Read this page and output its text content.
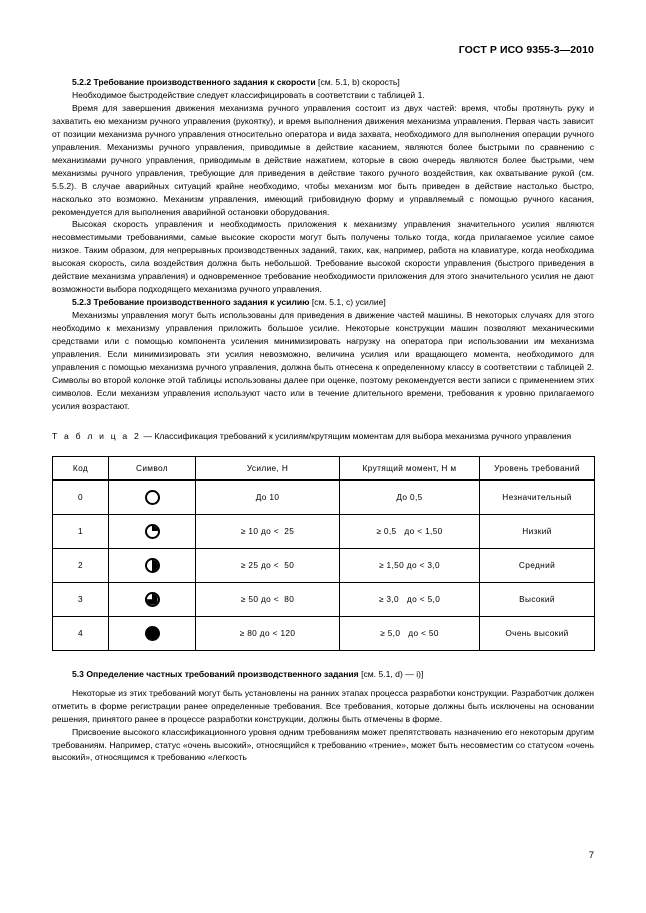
ГОСТ Р ИСО 9355-3—2010

5.2.2 Требование производственного задания к скорости [см. 5.1, b) скорость]

Необходимое быстродействие следует классифицировать в соответствии с таблицей 1.

Время для завершения движения механизма ручного управления состоит из двух частей: время, чтобы протянуть руку и захватить ею механизм ручного управления (рукоятку), и время выполнения движения механизма управления. Первая часть зависит от позиции механизма ручного управления относительно оператора и вида захвата, необходимого для выполнения операции ручного управления. Механизмы ручного управления, приводимые в действие касанием, являются более быстрыми по сравнению с механизмами ручного управления, приводимым в действие нажатием, которые в свою очередь являются более быстрыми, чем механизмы ручного управления, требующие для приведения в действие такого ручного воздействия, как охватывание рукой (см. 5.5.2). В случае аварийных ситуаций крайне необходимо, чтобы механизм мог быть приведен в действие настолько быстро, насколько это возможно. Механизм управления, имеющий грибовидную форму и управляемый с помощью ручного касания, рекомендуется для выполнения аварийной остановки оборудования.

Высокая скорость управления и необходимость приложения к механизму управления значительного усилия являются несовместимыми требованиями, самые высокие скорости могут быть получены только тогда, когда прилагаемое усилие самое низкое. Таким образом, для непрерывных производственных заданий, таких, как, например, работа на клавиатуре, когда необходима высокая скорость, сила воздействия должна быть небольшой. Требование высокой скорости управления (быстрого приведения в действие механизма управления) и одновременное требование необходимости приложения для этого значительного усилия не дают возможности выбора подходящего механизма ручного управления.

5.2.3 Требование производственного задания к усилию [см. 5.1, c) усилие]

Механизмы управления могут быть использованы для приведения в движение частей машины. В некоторых случаях для этого необходимо к механизму управления приложить большое усилие. Некоторые конструкции машин позволяют механическими средствами или с помощью компонента усиления минимизировать нагрузку на оператора при использовании им механизма управления. Если минимизировать эти усилия невозможно, величина усилия или вращающего момента, необходимого для управления с помощью механизма ручного управления, должна быть отнесена к определенному классу в соответствии с таблицей 2. Символы во второй колонке этой таблицы использованы далее при оценке, поэтому рекомендуется вести записи с применением этих символов. Если механизм управления используют часто или в течение длительного времени, требования к уровню прилагаемого усилия возрастают.

Т а б л и ц а 2 — Классификация требований к усилиям/крутящим моментам для выбора механизма ручного управления

Код	Символ	Усилие, Н	Крутящий момент, Н м	Уровень требований
0		До 10	До 0,5	Незначительный
1		≥ 10 до <  25	≥ 0,5   до < 1,50	Низкий
2		≥ 25 до <  50	≥ 1,50 до < 3,0	Средний
3		≥ 50 до <  80	≥ 3,0   до < 5,0	Высокий
4		≥ 80 до < 120	≥ 5,0   до < 50	Очень высокий

5.3 Определение частных требований производственного задания [см. 5.1, d) — i)]

Некоторые из этих требований могут быть установлены на ранних этапах процесса разработки конструкции. Разработчик должен отметить в форме регистрации ранее определенные требования. Все требования, которые должны быть исключены на основании решения, принятого ранее в процессе разработки конструкции, должны быть отмечены в форме.

Присвоение высокого классификационного уровня одним требованиям может препятствовать назначению его некоторым другим требованиям. Например, статус «очень высокий», относящийся к требованию «трение», может быть несовместим со статусом «очень высокий», относящимся к требованию «легкость

7
